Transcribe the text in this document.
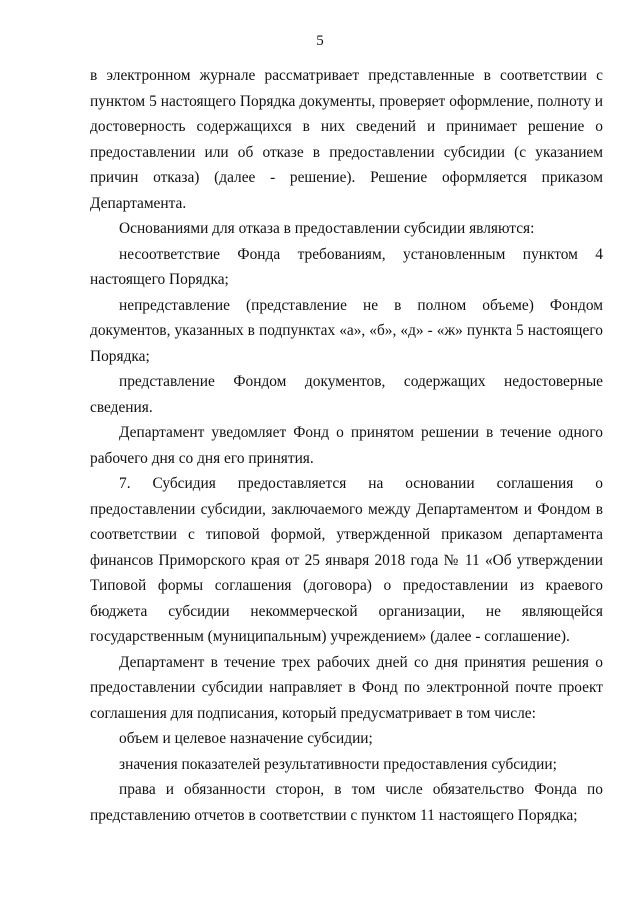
5

в электронном журнале рассматривает представленные в соответствии с пунктом 5 настоящего Порядка документы, проверяет оформление, полноту и достоверность содержащихся в них сведений и принимает решение о предоставлении или об отказе в предоставлении субсидии (с указанием причин отказа) (далее - решение). Решение оформляется приказом Департамента.

Основаниями для отказа в предоставлении субсидии являются:

несоответствие Фонда требованиям, установленным пунктом 4 настоящего Порядка;

непредставление (представление не в полном объеме) Фондом документов, указанных в подпунктах «а», «б», «д» - «ж» пункта 5 настоящего Порядка;

представление Фондом документов, содержащих недостоверные сведения.

Департамент уведомляет Фонд о принятом решении в течение одного рабочего дня со дня его принятия.

7. Субсидия предоставляется на основании соглашения о предоставлении субсидии, заключаемого между Департаментом и Фондом в соответствии с типовой формой, утвержденной приказом департамента финансов Приморского края от 25 января 2018 года № 11 «Об утверждении Типовой формы соглашения (договора) о предоставлении из краевого бюджета субсидии некоммерческой организации, не являющейся государственным (муниципальным) учреждением» (далее - соглашение).

Департамент в течение трех рабочих дней со дня принятия решения о предоставлении субсидии направляет в Фонд по электронной почте проект соглашения для подписания, который предусматривает в том числе:

объем и целевое назначение субсидии;

значения показателей результативности предоставления субсидии;

права и обязанности сторон, в том числе обязательство Фонда по представлению отчетов в соответствии с пунктом 11 настоящего Порядка;
